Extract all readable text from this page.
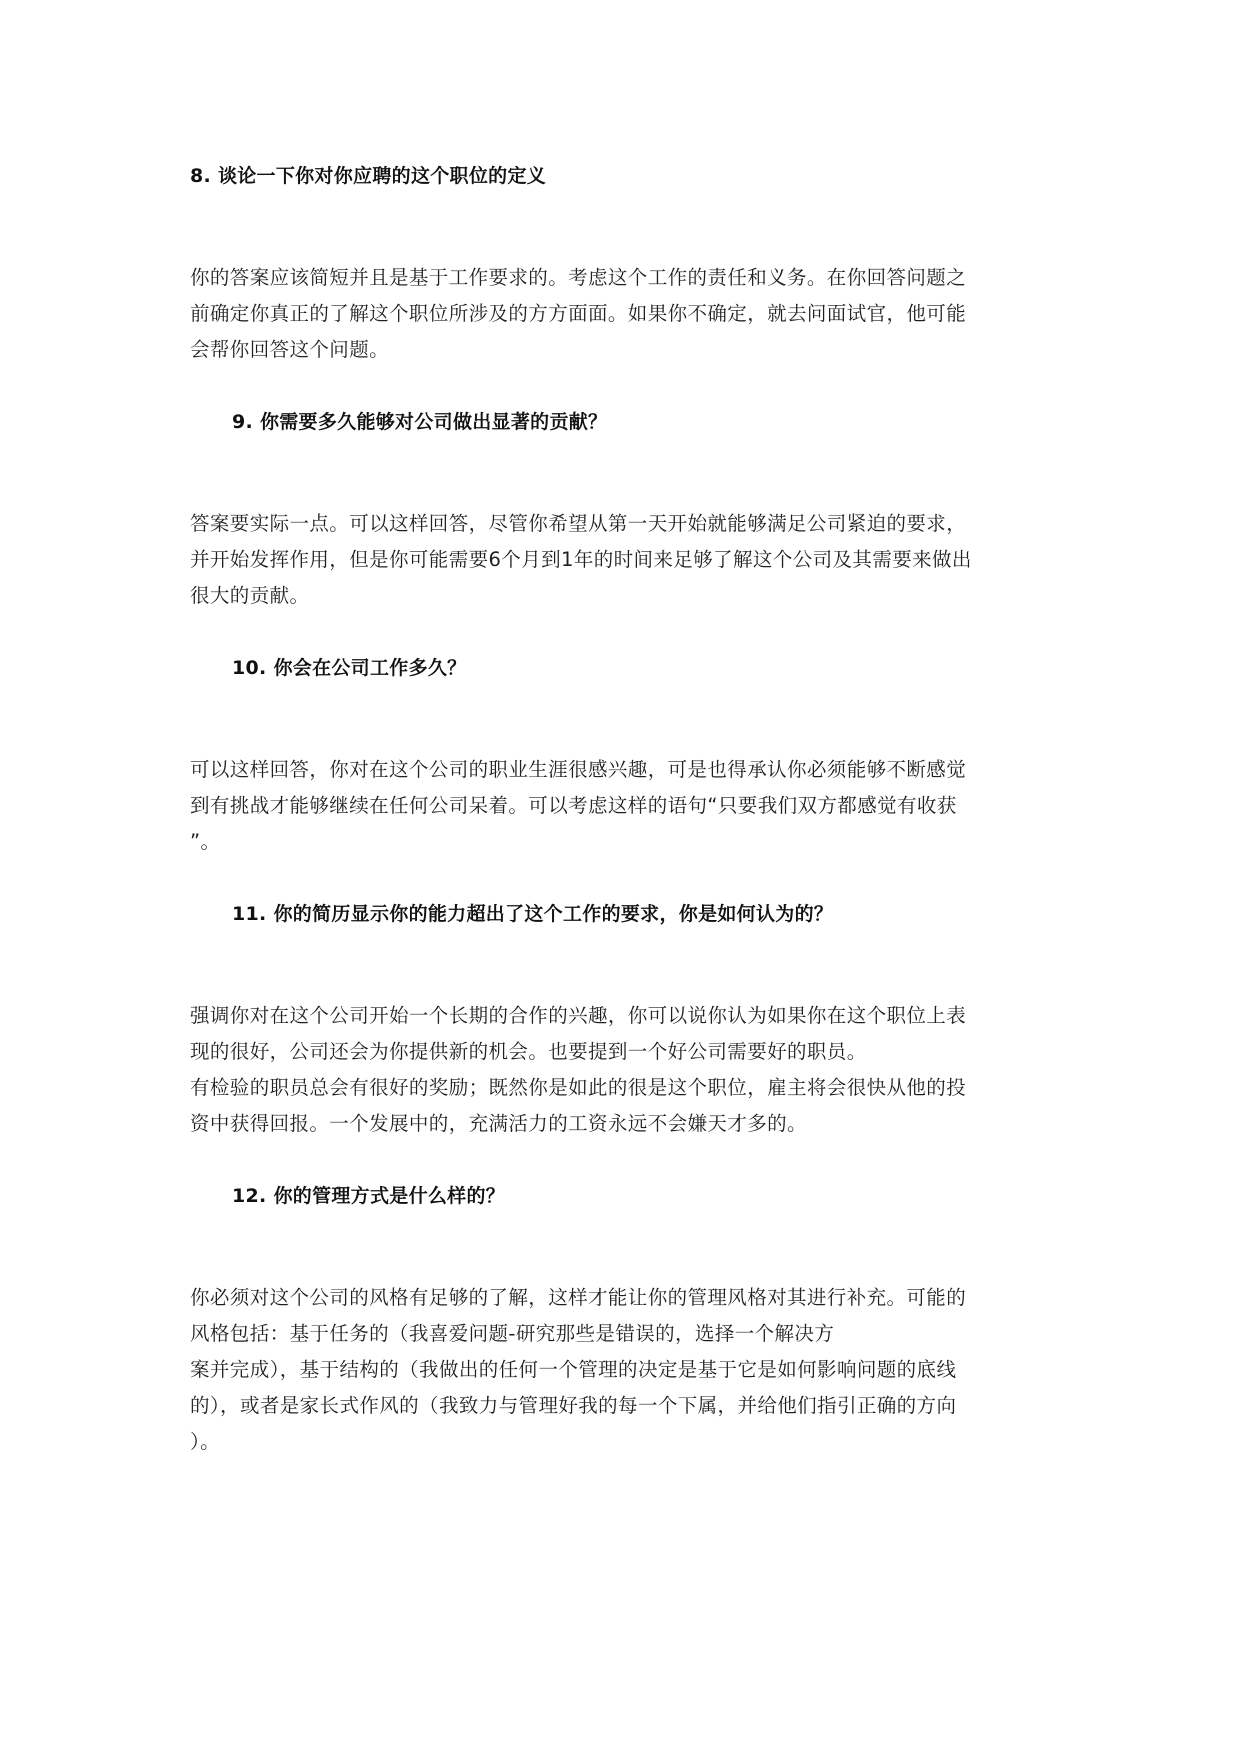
8. 谈论一下你对你应聘的这个职位的定义
你的答案应该简短并且是基于工作要求的。考虑这个工作的责任和义务。在你回答问题之
前确定你真正的了解这个职位所涉及的方方面面。如果你不确定，就去问面试官，他可能
会帮你回答这个问题。
9. 你需要多久能够对公司做出显著的贡献？
答案要实际一点。可以这样回答，尽管你希望从第一天开始就能够满足公司紧迫的要求，
并开始发挥作用，但是你可能需要6个月到1年的时间来足够了解这个公司及其需要来做出
很大的贡献。
10. 你会在公司工作多久？
可以这样回答，你对在这个公司的职业生涯很感兴趣，可是也得承认你必须能够不断感觉
到有挑战才能够继续在任何公司呆着。可以考虑这样的语句“只要我们双方都感觉有收获
”。
11. 你的简历显示你的能力超出了这个工作的要求，你是如何认为的？
强调你对在这个公司开始一个长期的合作的兴趣，你可以说你认为如果你在这个职位上表
现的很好，公司还会为你提供新的机会。也要提到一个好公司需要好的职员。
有检验的职员总会有很好的奖励；既然你是如此的很是这个职位，雇主将会很快从他的投
资中获得回报。一个发展中的，充满活力的工资永远不会嫌天才多的。
12. 你的管理方式是什么样的？
你必须对这个公司的风格有足够的了解，这样才能让你的管理风格对其进行补充。可能的
风格包括：基于任务的（我喜爱问题-研究那些是错误的，选择一个解决方
案并完成），基于结构的（我做出的任何一个管理的决定是基于它是如何影响问题的底线
的），或者是家长式作风的（我致力与管理好我的每一个下属，并给他们指引正确的方向
）。
